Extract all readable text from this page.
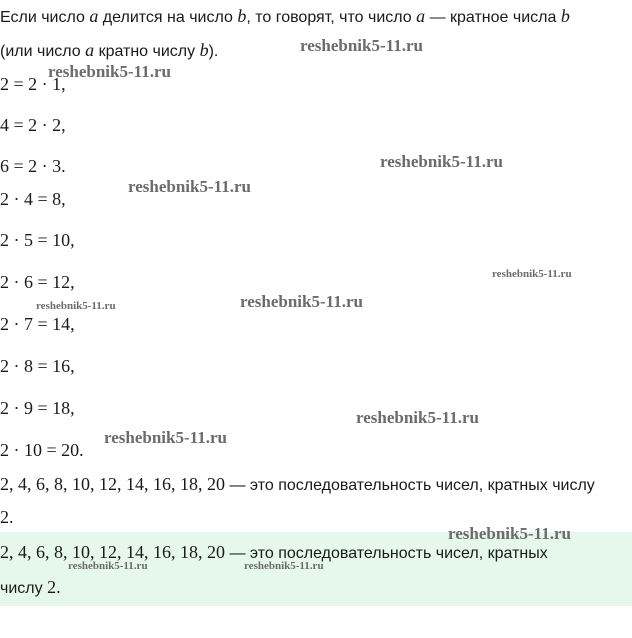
Если число a делится на число b, то говорят, что число a — кратное числа b
(или число a кратно числу b).
2 = 2 · 1,
4 = 2 · 2,
6 = 2 · 3.
2 · 4 = 8,
2 · 5 = 10,
2 · 6 = 12,
2 · 7 = 14,
2 · 8 = 16,
2 · 9 = 18,
2 · 10 = 20.
2, 4, 6, 8, 10, 12, 14, 16, 18, 20 — это последовательность чисел, кратных числу
2.
2, 4, 6, 8, 10, 12, 14, 16, 18, 20 — это последовательность чисел, кратных
числу 2.
reshebnik5-11.ru
reshebnik5-11.ru
reshebnik5-11.ru
reshebnik5-11.ru
reshebnik5-11.ru
reshebnik5-11.ru
reshebnik5-11.ru
reshebnik5-11.ru
reshebnik5-11.ru
reshebnik5-11.ru
reshebnik5-11.ru	reshebnik5-11.ru
